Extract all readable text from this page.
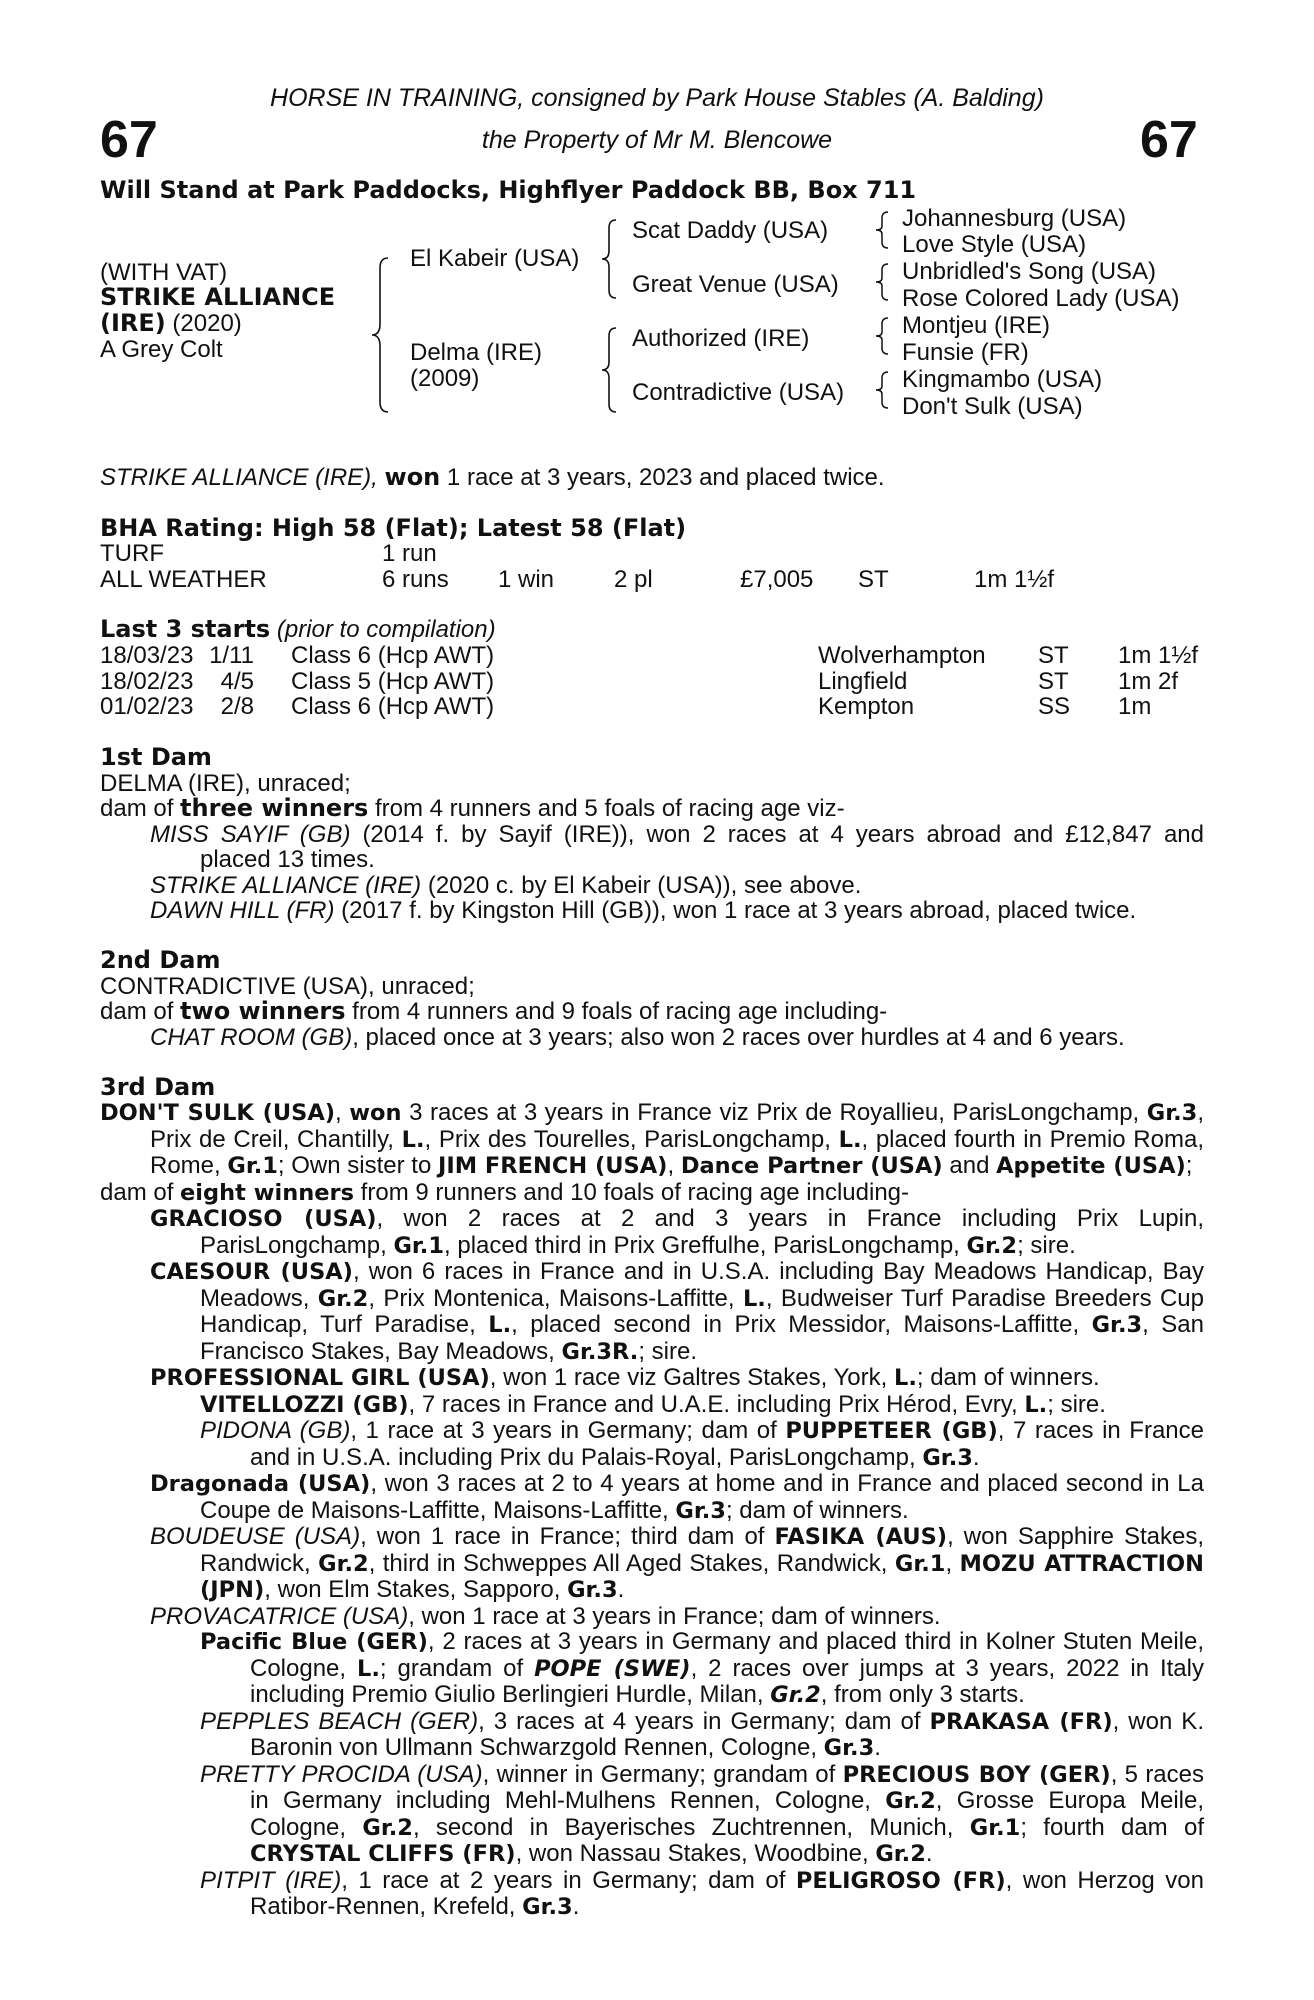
67	67
HORSE IN TRAINING, consigned by Park House Stables (A. Balding)
the Property of Mr M. Blencowe
Will Stand at Park Paddocks, Highflyer Paddock BB, Box 711
(WITH VAT)
STRIKE ALLIANCE
(IRE) (2020)
A Grey Colt
El Kabeir (USA)
Delma (IRE)
(2009)
Scat Daddy (USA)
Great Venue (USA)
Authorized (IRE)
Contradictive (USA)
Johannesburg (USA)
Love Style (USA)
Unbridled's Song (USA)
Rose Colored Lady (USA)
Montjeu (IRE)
Funsie (FR)
Kingmambo (USA)
Don't Sulk (USA)
STRIKE ALLIANCE (IRE), won 1 race at 3 years, 2023 and placed twice.
BHA Rating: High 58 (Flat); Latest 58 (Flat)
TURF	1 run
ALL WEATHER	6 runs 1 win 2 pl	£7,005 ST	1m 1½f
Last 3 starts (prior to compilation)
18/03/23 1/11 Class 6 (Hcp AWT)	Wolverhampton ST 1m 1½f
18/02/23 4/5 Class 5 (Hcp AWT)	Lingfield	ST 1m 2f
01/02/23 2/8 Class 6 (Hcp AWT)	Kempton	SS 1m
1st Dam
DELMA (IRE), unraced;
dam of three winners from 4 runners and 5 foals of racing age viz-
MISS SAYIF (GB) (2014 f. by Sayif (IRE)), won 2 races at 4 years abroad and £12,847 and
placed 13 times.
STRIKE ALLIANCE (IRE) (2020 c. by El Kabeir (USA)), see above.
DAWN HILL (FR) (2017 f. by Kingston Hill (GB)), won 1 race at 3 years abroad, placed twice.
2nd Dam
CONTRADICTIVE (USA), unraced;
dam of two winners from 4 runners and 9 foals of racing age including-
CHAT ROOM (GB), placed once at 3 years; also won 2 races over hurdles at 4 and 6 years.
3rd Dam
DON'T SULK (USA), won 3 races at 3 years in France viz Prix de Royallieu, ParisLongchamp, Gr.3, Prix de Creil, Chantilly, L., Prix des Tourelles, ParisLongchamp, L., placed fourth in Premio Roma, Rome, Gr.1; Own sister to JIM FRENCH (USA), Dance Partner (USA) and Appetite (USA);
dam of eight winners from 9 runners and 10 foals of racing age including-
GRACIOSO (USA), won 2 races at 2 and 3 years in France including Prix Lupin, ParisLongchamp, Gr.1, placed third in Prix Greffulhe, ParisLongchamp, Gr.2; sire.
CAESOUR (USA), won 6 races in France and in U.S.A. including Bay Meadows Handicap, Bay Meadows, Gr.2, Prix Montenica, Maisons-Laffitte, L., Budweiser Turf Paradise Breeders Cup Handicap, Turf Paradise, L., placed second in Prix Messidor, Maisons-Laffitte, Gr.3, San Francisco Stakes, Bay Meadows, Gr.3R.; sire.
PROFESSIONAL GIRL (USA), won 1 race viz Galtres Stakes, York, L.; dam of winners.
VITELLOZZI (GB), 7 races in France and U.A.E. including Prix Hérod, Evry, L.; sire.
PIDONA (GB), 1 race at 3 years in Germany; dam of PUPPETEER (GB), 7 races in France and in U.S.A. including Prix du Palais-Royal, ParisLongchamp, Gr.3.
Dragonada (USA), won 3 races at 2 to 4 years at home and in France and placed second in La Coupe de Maisons-Laffitte, Maisons-Laffitte, Gr.3; dam of winners.
BOUDEUSE (USA), won 1 race in France; third dam of FASIKA (AUS), won Sapphire Stakes, Randwick, Gr.2, third in Schweppes All Aged Stakes, Randwick, Gr.1, MOZU ATTRACTION (JPN), won Elm Stakes, Sapporo, Gr.3.
PROVACATRICE (USA), won 1 race at 3 years in France; dam of winners.
Pacific Blue (GER), 2 races at 3 years in Germany and placed third in Kolner Stuten Meile, Cologne, L.; grandam of POPE (SWE), 2 races over jumps at 3 years, 2022 in Italy including Premio Giulio Berlingieri Hurdle, Milan, Gr.2, from only 3 starts.
PEPPLES BEACH (GER), 3 races at 4 years in Germany; dam of PRAKASA (FR), won K. Baronin von Ullmann Schwarzgold Rennen, Cologne, Gr.3.
PRETTY PROCIDA (USA), winner in Germany; grandam of PRECIOUS BOY (GER), 5 races in Germany including Mehl-Mulhens Rennen, Cologne, Gr.2, Grosse Europa Meile, Cologne, Gr.2, second in Bayerisches Zuchtrennen, Munich, Gr.1; fourth dam of CRYSTAL CLIFFS (FR), won Nassau Stakes, Woodbine, Gr.2.
PITPIT (IRE), 1 race at 2 years in Germany; dam of PELIGROSO (FR), won Herzog von Ratibor-Rennen, Krefeld, Gr.3.
